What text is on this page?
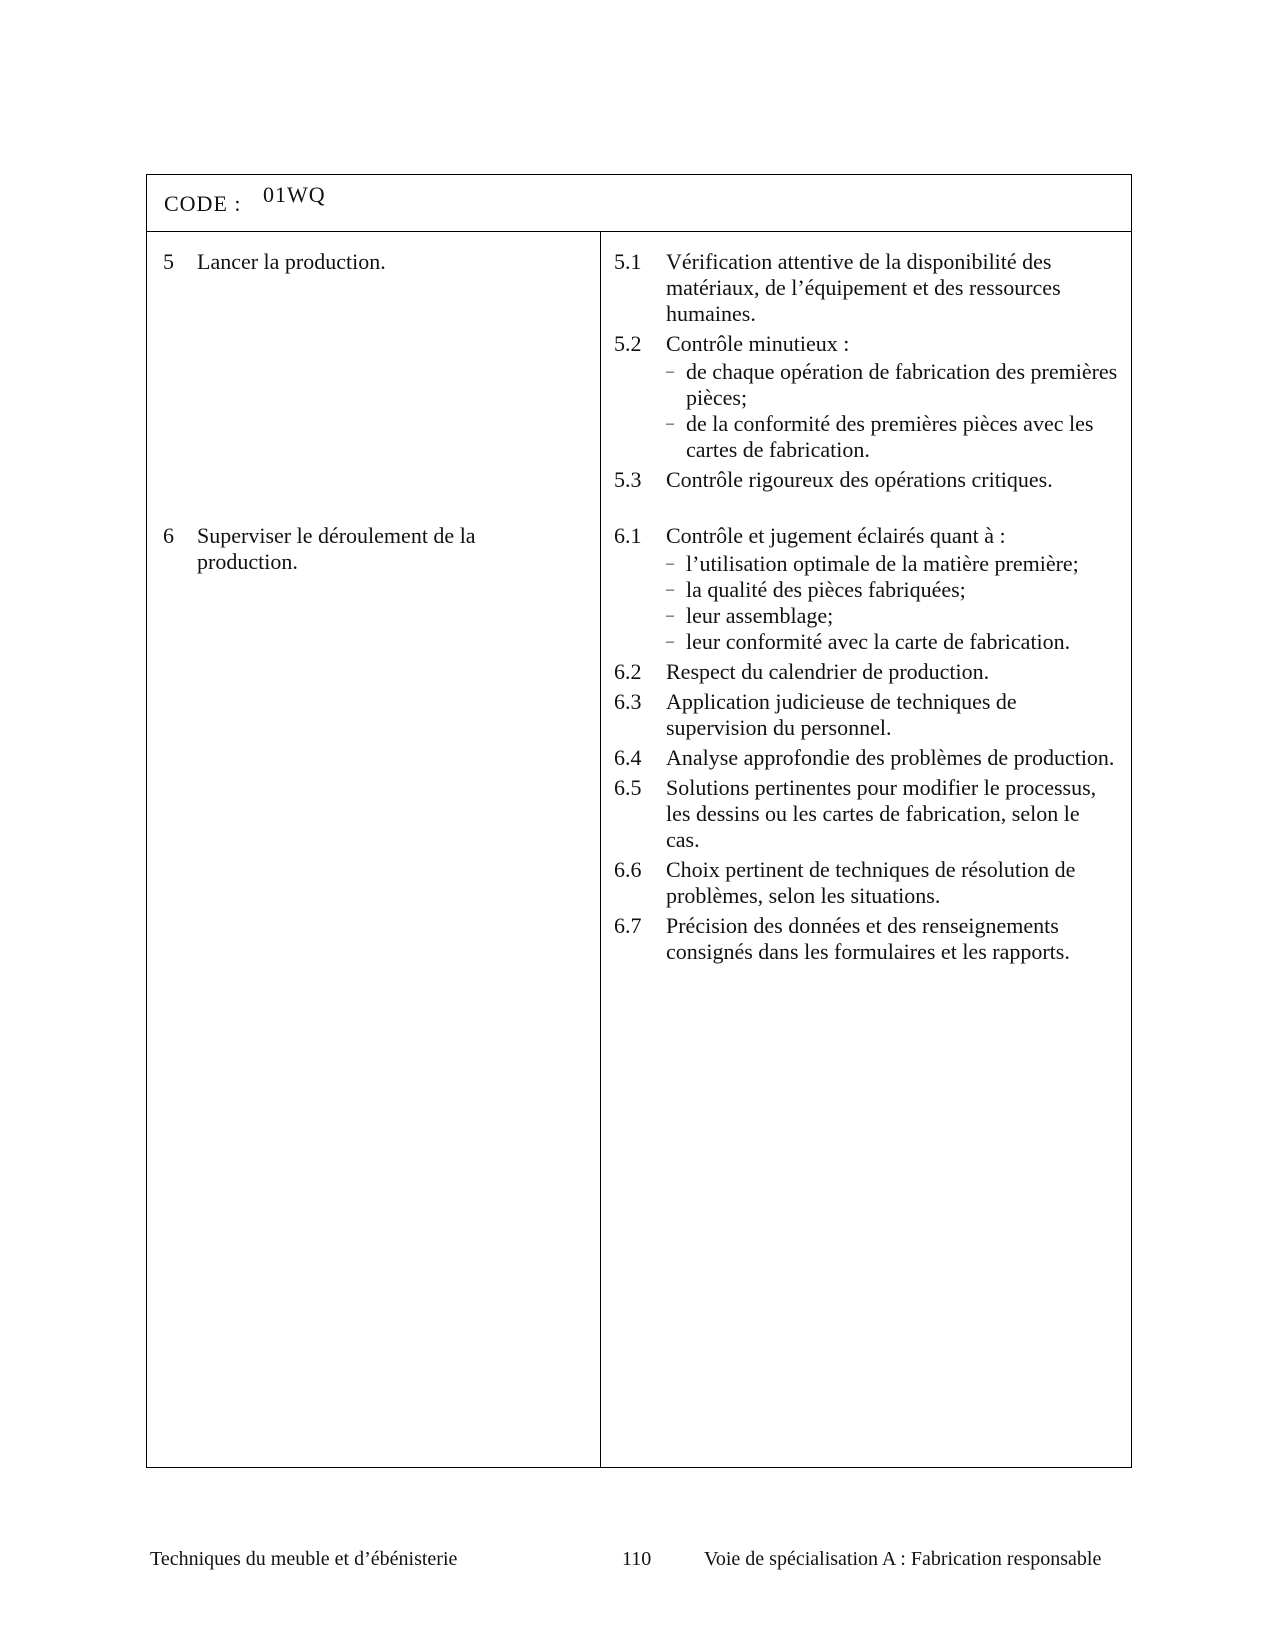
CODE : 01WQ
5 Lancer la production.
6 Superviser le déroulement de la production.
5.1 Vérification attentive de la disponibilité des matériaux, de l’équipement et des ressources humaines.
5.2 Contrôle minutieux :
– de chaque opération de fabrication des premières pièces;
– de la conformité des premières pièces avec les cartes de fabrication.
5.3 Contrôle rigoureux des opérations critiques.
6.1 Contrôle et jugement éclairés quant à :
– l’utilisation optimale de la matière première;
– la qualité des pièces fabriquées;
– leur assemblage;
– leur conformité avec la carte de fabrication.
6.2 Respect du calendrier de production.
6.3 Application judicieuse de techniques de supervision du personnel.
6.4 Analyse approfondie des problèmes de production.
6.5 Solutions pertinentes pour modifier le processus, les dessins ou les cartes de fabrication, selon le cas.
6.6 Choix pertinent de techniques de résolution de problèmes, selon les situations.
6.7 Précision des données et des renseignements consignés dans les formulaires et les rapports.
Techniques du meuble et d’ébénisterie	110	Voie de spécialisation A : Fabrication responsable
